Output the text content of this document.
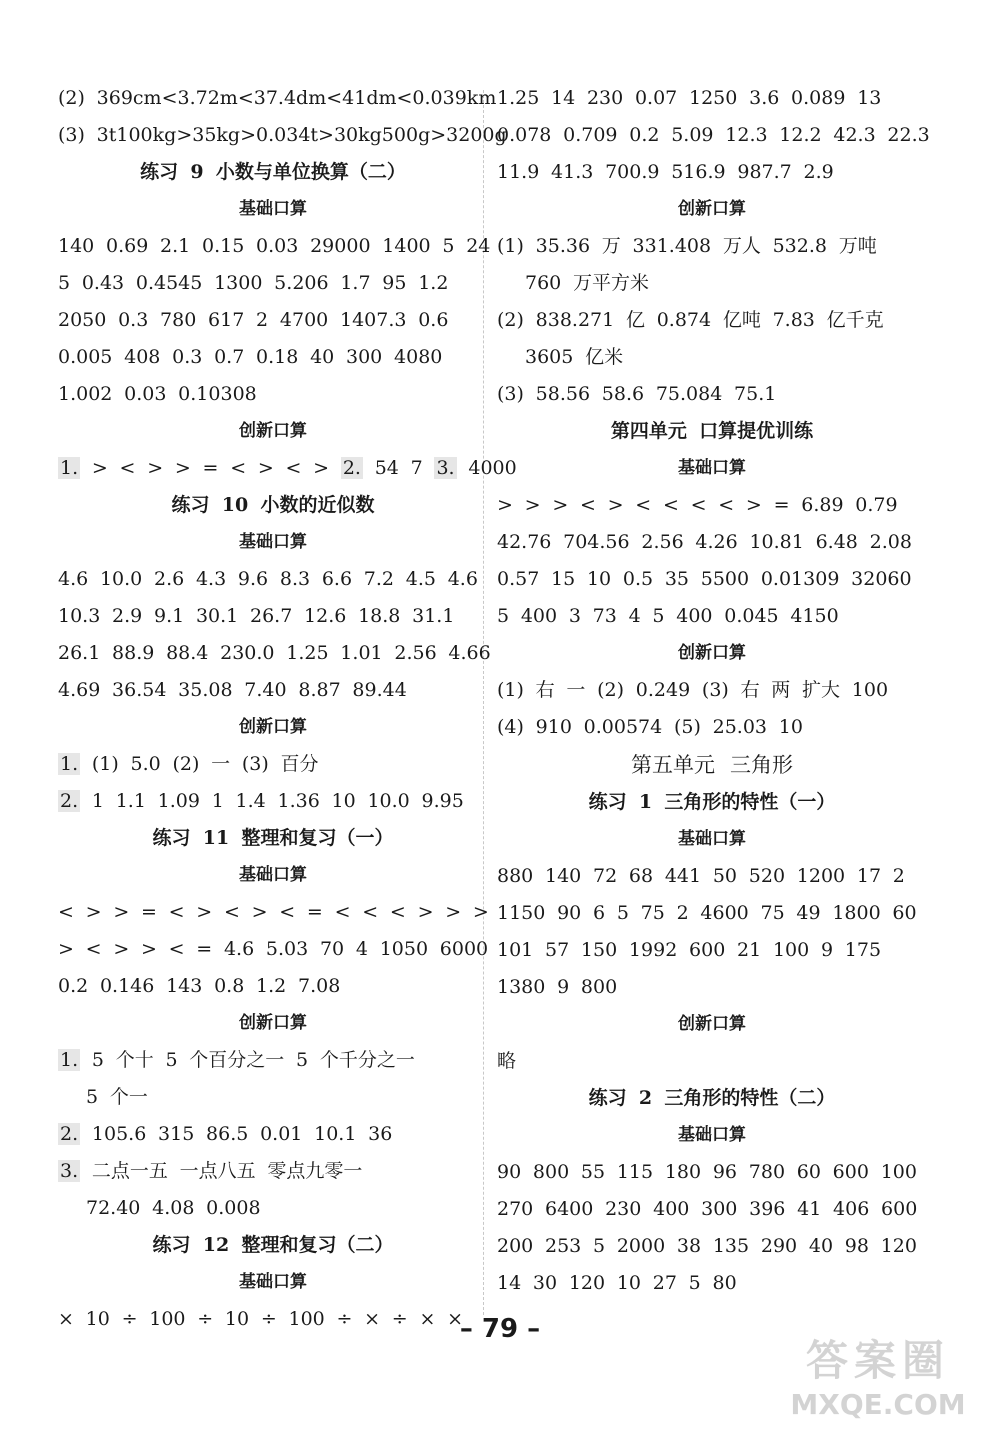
(2) 369cm<3.72m<37.4dm<41dm<0.039km
(3) 3t100kg>35kg>0.034t>30kg500g>3200g
练习 9 小数与单位换算（二）
基础口算
140 0.69 2.1 0.15 0.03 29000 1400 5 24
5 0.43 0.4545 1300 5.206 1.7 95 1.2
2050 0.3 780 617 2 4700 1407.3 0.6
0.005 408 0.3 0.7 0.18 40 300 4080
1.002 0.03 0.10308
创新口算
1. > < > > = < > < > 2. 54 7 3. 4000
练习 10 小数的近似数
基础口算
4.6 10.0 2.6 4.3 9.6 8.3 6.6 7.2 4.5 4.6
10.3 2.9 9.1 30.1 26.7 12.6 18.8 31.1
26.1 88.9 88.4 230.0 1.25 1.01 2.56 4.66
4.69 36.54 35.08 7.40 8.87 89.44
创新口算
1. (1) 5.0 (2) 一 (3) 百分
2. 1 1.1 1.09 1 1.4 1.36 10 10.0 9.95
练习 11 整理和复习（一）
基础口算
< > > = < > < > < = < < < > > >
> < > > < = 4.6 5.03 70 4 1050 6000
0.2 0.146 143 0.8 1.2 7.08
创新口算
1. 5 个十 5 个百分之一 5 个千分之一
5 个一
2. 105.6 315 86.5 0.01 10.1 36
3. 二点一五 一点八五 零点九零一
72.40 4.08 0.008
练习 12 整理和复习（二）
基础口算
× 10 ÷ 100 ÷ 10 ÷ 100 ÷ × ÷ × ×
1.25 14 230 0.07 1250 3.6 0.089 13
0.078 0.709 0.2 5.09 12.3 12.2 42.3 22.3
11.9 41.3 700.9 516.9 987.7 2.9
创新口算
(1) 35.36 万 331.408 万人 532.8 万吨
760 万平方米
(2) 838.271 亿 0.874 亿吨 7.83 亿千克
3605 亿米
(3) 58.56 58.6 75.084 75.1
第四单元 口算提优训练
基础口算
> > > < > < < < < > = 6.89 0.79
42.76 704.56 2.56 4.26 10.81 6.48 2.08
0.57 15 10 0.5 35 5500 0.01309 32060
5 400 3 73 4 5 400 0.045 4150
创新口算
(1) 右 一 (2) 0.249 (3) 右 两 扩大 100
(4) 910 0.00574 (5) 25.03 10
第五单元 三角形
练习 1 三角形的特性（一）
基础口算
880 140 72 68 441 50 520 1200 17 2
1150 90 6 5 75 2 4600 75 49 1800 60
101 57 150 1992 600 21 100 9 175
1380 9 800
创新口算
略
练习 2 三角形的特性（二）
基础口算
90 800 55 115 180 96 780 60 600 100
270 6400 230 400 300 396 41 406 600
200 253 5 2000 38 135 290 40 98 120
14 30 120 10 27 5 80
– 79 –
答案圈
MXQE.COM
